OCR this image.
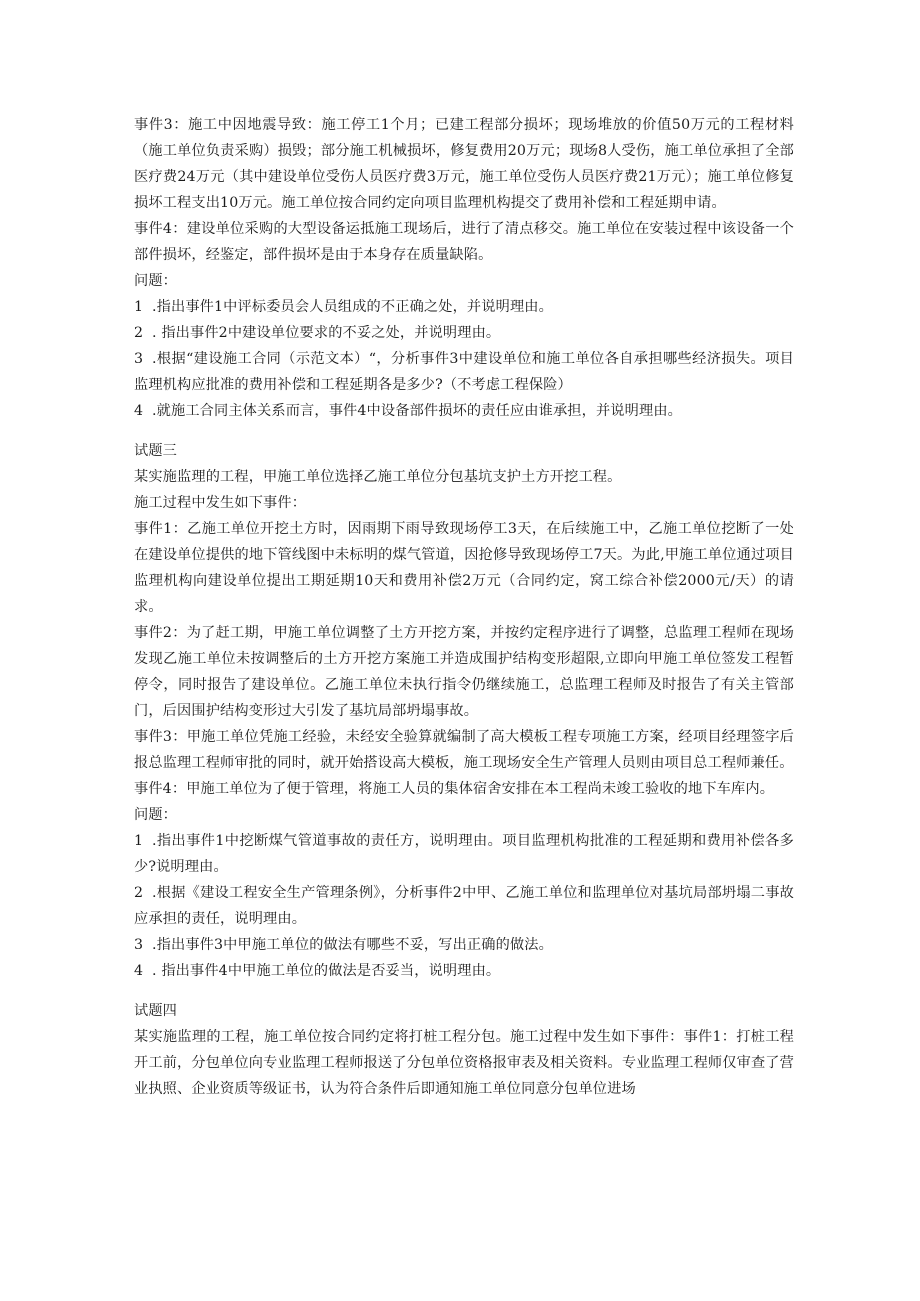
事件3：施工中因地震导致：施工停工1个月；已建工程部分损坏；现场堆放的价值50万元的工程材料（施工单位负责采购）损毁；部分施工机械损坏，修复费用20万元；现场8人受伤，施工单位承担了全部医疗费24万元（其中建设单位受伤人员医疗费3万元，施工单位受伤人员医疗费21万元）；施工单位修复损坏工程支出10万元。施工单位按合同约定向项目监理机构提交了费用补偿和工程延期申请。

事件4：建设单位采购的大型设备运抵施工现场后，进行了清点移交。施工单位在安装过程中该设备一个部件损坏，经鉴定，部件损坏是由于本身存在质量缺陷。

问题：

1 .指出事件1中评标委员会人员组成的不正确之处，并说明理由。

2 . 指出事件2中建设单位要求的不妥之处，并说明理由。

3 .根据“建设施工合同（示范文本）“，分析事件3中建设单位和施工单位各自承担哪些经济损失。项目监理机构应批准的费用补偿和工程延期各是多少?（不考虑工程保险）

4 .就施工合同主体关系而言，事件4中设备部件损坏的责任应由谁承担，并说明理由。

试题三

某实施监理的工程，甲施工单位选择乙施工单位分包基坑支护土方开挖工程。

施工过程中发生如下事件：

事件1：乙施工单位开挖土方时，因雨期下雨导致现场停工3天，在后续施工中，乙施工单位挖断了一处在建设单位提供的地下管线图中未标明的煤气管道，因抢修导致现场停工7天。为此,甲施工单位通过项目监理机构向建设单位提出工期延期10天和费用补偿2万元（合同约定，窝工综合补偿2000元/天）的请求。

事件2：为了赶工期，甲施工单位调整了土方开挖方案，并按约定程序进行了调整，总监理工程师在现场发现乙施工单位未按调整后的土方开挖方案施工并造成围护结构变形超限,立即向甲施工单位签发工程暂停令，同时报告了建设单位。乙施工单位未执行指令仍继续施工，总监理工程师及时报告了有关主管部门，后因围护结构变形过大引发了基坑局部坍塌事故。

事件3：甲施工单位凭施工经验，未经安全验算就编制了高大模板工程专项施工方案，经项目经理签字后报总监理工程师审批的同时，就开始搭设高大模板，施工现场安全生产管理人员则由项目总工程师兼任。

事件4：甲施工单位为了便于管理，将施工人员的集体宿舍安排在本工程尚未竣工验收的地下车库内。

问题：

1 .指出事件1中挖断煤气管道事故的责任方，说明理由。项目监理机构批准的工程延期和费用补偿各多少?说明理由。

2 .根据《建设工程安全生产管理条例》，分析事件2中甲、乙施工单位和监理单位对基坑局部坍塌二事故应承担的责任，说明理由。

3 .指出事件3中甲施工单位的做法有哪些不妥，写出正确的做法。

4 . 指出事件4中甲施工单位的做法是否妥当，说明理由。

试题四

某实施监理的工程，施工单位按合同约定将打桩工程分包。施工过程中发生如下事件：事件1：打桩工程开工前，分包单位向专业监理工程师报送了分包单位资格报审表及相关资料。专业监理工程师仅审查了营业执照、企业资质等级证书，认为符合条件后即通知施工单位同意分包单位进场
